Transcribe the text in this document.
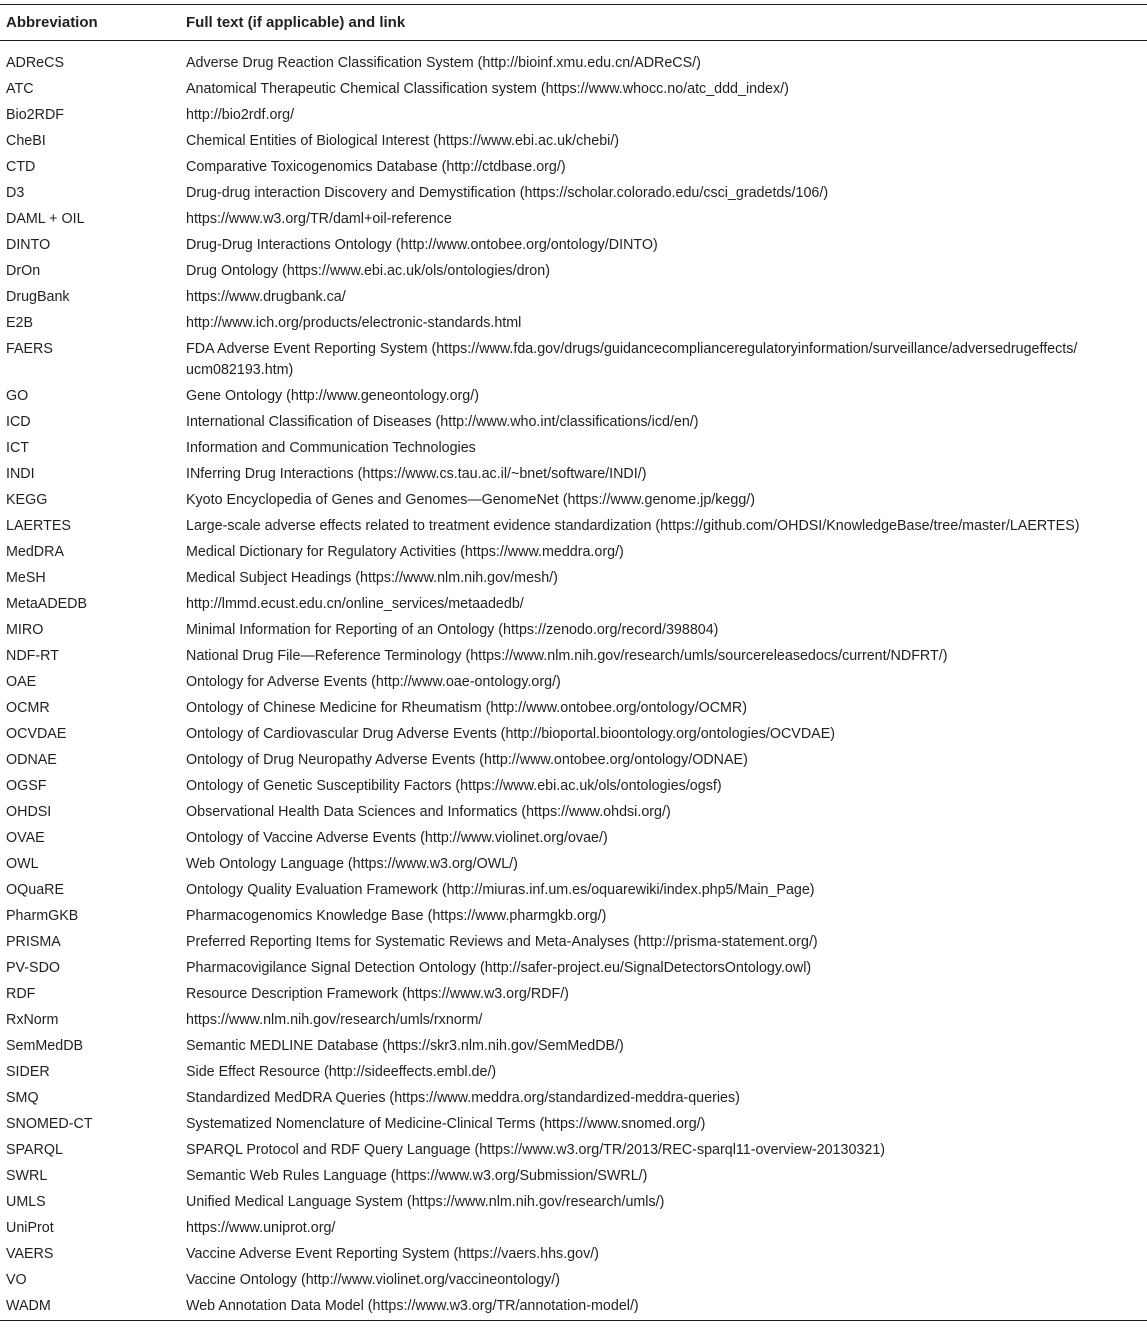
Abbreviation	Full text (if applicable) and link
ADReCS	Adverse Drug Reaction Classification System (http://bioinf.xmu.edu.cn/ADReCS/)
ATC	Anatomical Therapeutic Chemical Classification system (https://www.whocc.no/atc_ddd_index/)
Bio2RDF	http://bio2rdf.org/
CheBI	Chemical Entities of Biological Interest (https://www.ebi.ac.uk/chebi/)
CTD	Comparative Toxicogenomics Database (http://ctdbase.org/)
D3	Drug-drug interaction Discovery and Demystification (https://scholar.colorado.edu/csci_gradetds/106/)
DAML + OIL	https://www.w3.org/TR/daml+oil-reference
DINTO	Drug-Drug Interactions Ontology (http://www.ontobee.org/ontology/DINTO)
DrOn	Drug Ontology (https://www.ebi.ac.uk/ols/ontologies/dron)
DrugBank	https://www.drugbank.ca/
E2B	http://www.ich.org/products/electronic-standards.html
FAERS	FDA Adverse Event Reporting System (https://www.fda.gov/drugs/guidancecomplianceregulatoryinformation/surveillance/adversedrugeffects/ ucm082193.htm)
GO	Gene Ontology (http://www.geneontology.org/)
ICD	International Classification of Diseases (http://www.who.int/classifications/icd/en/)
ICT	Information and Communication Technologies
INDI	INferring Drug Interactions (https://www.cs.tau.ac.il/~bnet/software/INDI/)
KEGG	Kyoto Encyclopedia of Genes and Genomes—GenomeNet (https://www.genome.jp/kegg/)
LAERTES	Large-scale adverse effects related to treatment evidence standardization (https://github.com/OHDSI/KnowledgeBase/tree/master/LAERTES)
MedDRA	Medical Dictionary for Regulatory Activities (https://www.meddra.org/)
MeSH	Medical Subject Headings (https://www.nlm.nih.gov/mesh/)
MetaADEDB	http://lmmd.ecust.edu.cn/online_services/metaadedb/
MIRO	Minimal Information for Reporting of an Ontology (https://zenodo.org/record/398804)
NDF-RT	National Drug File—Reference Terminology (https://www.nlm.nih.gov/research/umls/sourcereleasedocs/current/NDFRT/)
OAE	Ontology for Adverse Events (http://www.oae-ontology.org/)
OCMR	Ontology of Chinese Medicine for Rheumatism (http://www.ontobee.org/ontology/OCMR)
OCVDAE	Ontology of Cardiovascular Drug Adverse Events (http://bioportal.bioontology.org/ontologies/OCVDAE)
ODNAE	Ontology of Drug Neuropathy Adverse Events (http://www.ontobee.org/ontology/ODNAE)
OGSF	Ontology of Genetic Susceptibility Factors (https://www.ebi.ac.uk/ols/ontologies/ogsf)
OHDSI	Observational Health Data Sciences and Informatics (https://www.ohdsi.org/)
OVAE	Ontology of Vaccine Adverse Events (http://www.violinet.org/ovae/)
OWL	Web Ontology Language (https://www.w3.org/OWL/)
OQuaRE	Ontology Quality Evaluation Framework (http://miuras.inf.um.es/oquarewiki/index.php5/Main_Page)
PharmGKB	Pharmacogenomics Knowledge Base (https://www.pharmgkb.org/)
PRISMA	Preferred Reporting Items for Systematic Reviews and Meta-Analyses (http://prisma-statement.org/)
PV-SDO	Pharmacovigilance Signal Detection Ontology (http://safer-project.eu/SignalDetectorsOntology.owl)
RDF	Resource Description Framework (https://www.w3.org/RDF/)
RxNorm	https://www.nlm.nih.gov/research/umls/rxnorm/
SemMedDB	Semantic MEDLINE Database (https://skr3.nlm.nih.gov/SemMedDB/)
SIDER	Side Effect Resource (http://sideeffects.embl.de/)
SMQ	Standardized MedDRA Queries (https://www.meddra.org/standardized-meddra-queries)
SNOMED-CT	Systematized Nomenclature of Medicine-Clinical Terms (https://www.snomed.org/)
SPARQL	SPARQL Protocol and RDF Query Language (https://www.w3.org/TR/2013/REC-sparql11-overview-20130321)
SWRL	Semantic Web Rules Language (https://www.w3.org/Submission/SWRL/)
UMLS	Unified Medical Language System (https://www.nlm.nih.gov/research/umls/)
UniProt	https://www.uniprot.org/
VAERS	Vaccine Adverse Event Reporting System (https://vaers.hhs.gov/)
VO	Vaccine Ontology (http://www.violinet.org/vaccineontology/)
WADM	Web Annotation Data Model (https://www.w3.org/TR/annotation-model/)
